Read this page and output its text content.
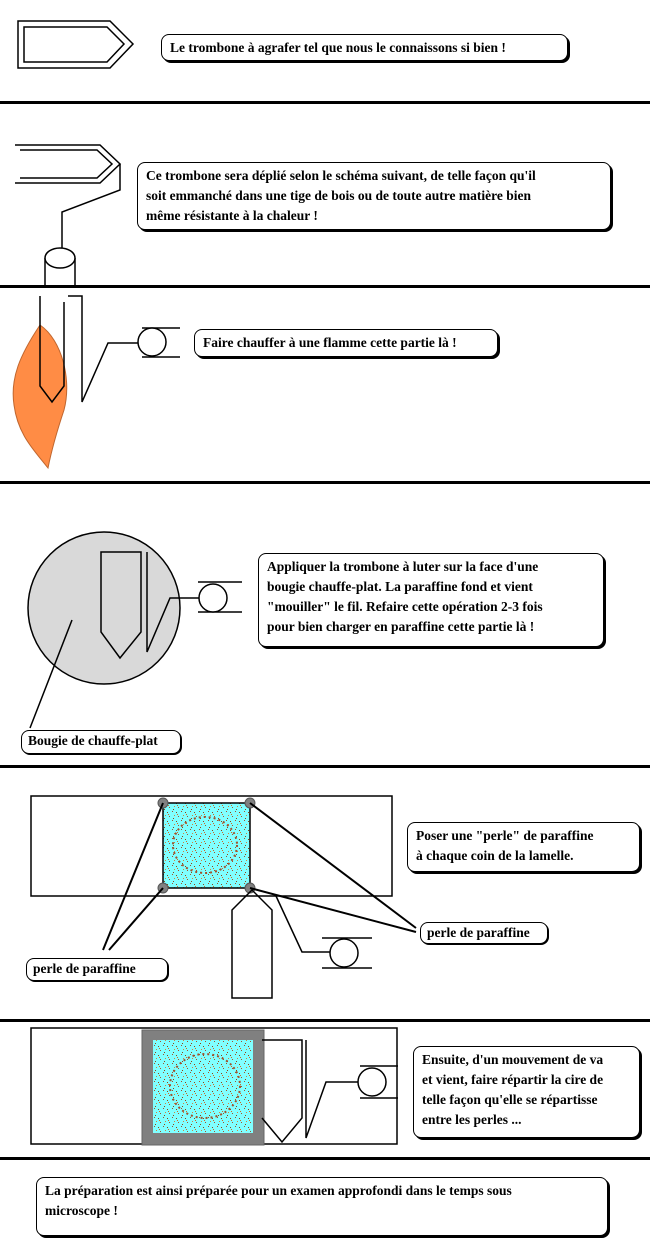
Le trombone à agrafer tel que nous le connaissons si bien !
Ce trombone sera déplié selon le schéma suivant, de telle façon qu'il
soit emmanché dans une tige de bois ou de toute autre matière bien
même résistante à la chaleur !
Faire chauffer à une flamme cette partie là !
Appliquer la trombone à luter sur la face d'une
bougie chauffe-plat. La paraffine fond et vient
"mouiller" le fil. Refaire cette opération 2-3 fois
pour bien charger en paraffine cette partie là !
Poser une "perle" de paraffine
à chaque coin de la lamelle.
Ensuite, d'un mouvement de va
et vient, faire répartir la cire de
telle façon qu'elle se répartisse
entre les perles ...
La préparation est ainsi préparée pour un examen approfondi dans le temps sous
microscope !
Bougie de chauffe-plat
perle de paraffine
perle de paraffine
